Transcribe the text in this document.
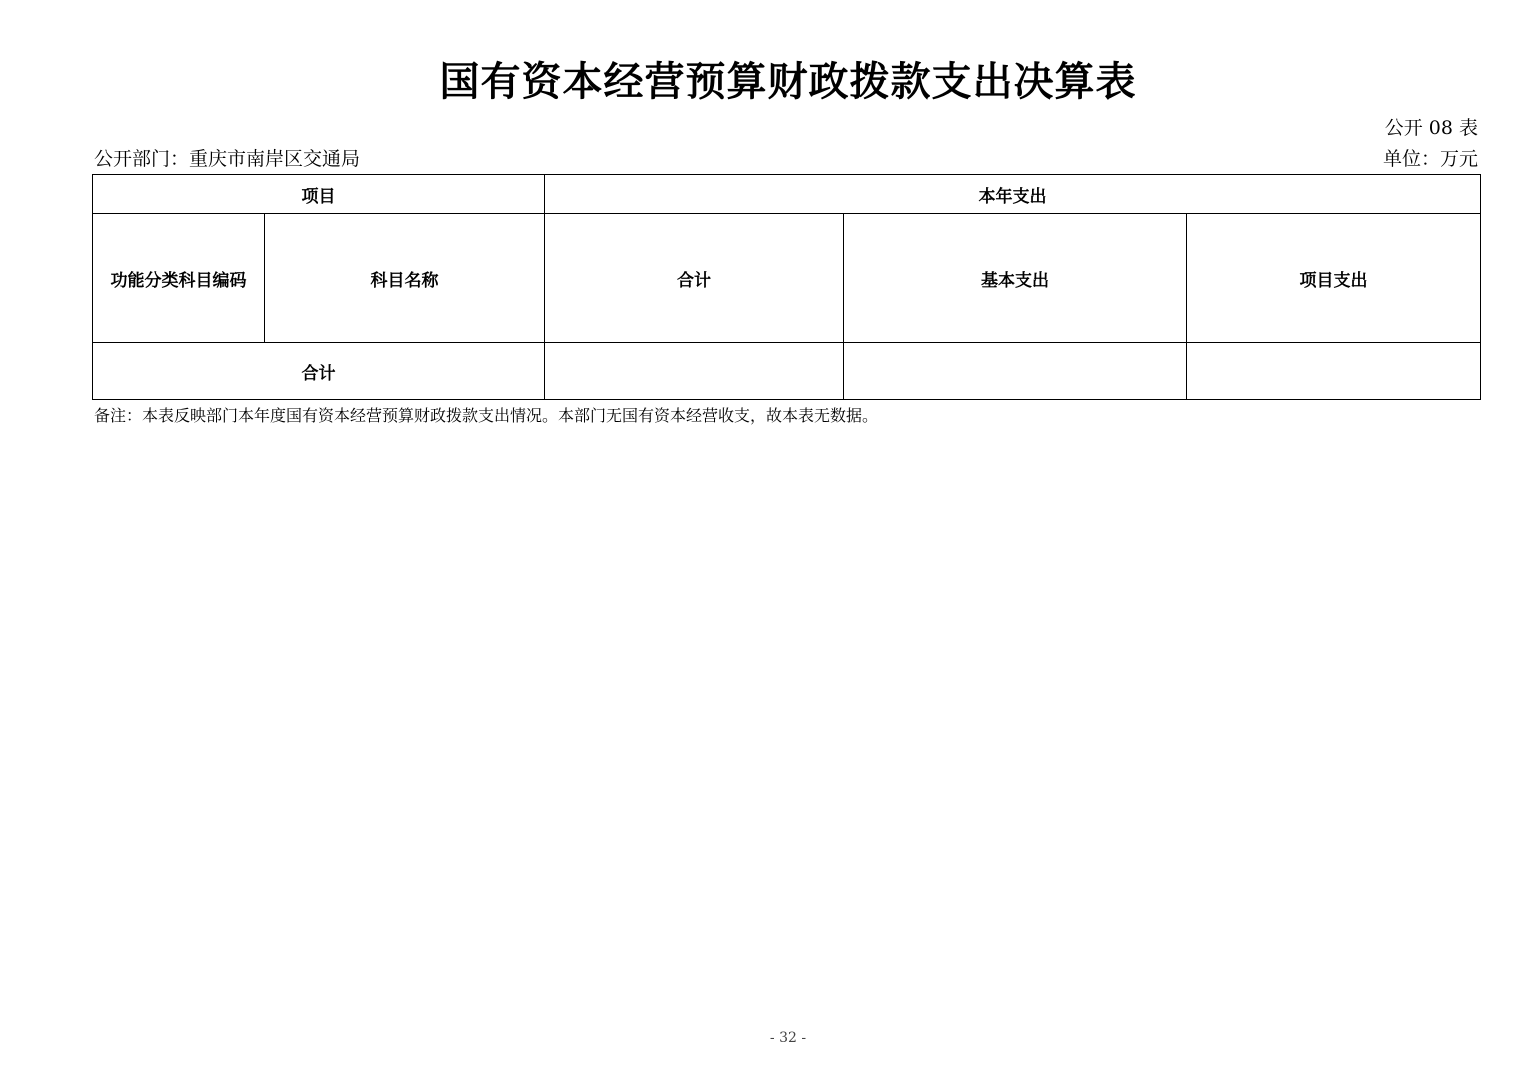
国有资本经营预算财政拨款支出决算表
公开 08 表
公开部门：重庆市南岸区交通局	单位：万元
项目		本年支出		
功能分类科目编码	科目名称	合计	基本支出	项目支出
合计				
备注：本表反映部门本年度国有资本经营预算财政拨款支出情况。本部门无国有资本经营收支，故本表无数据。
- 32 -
